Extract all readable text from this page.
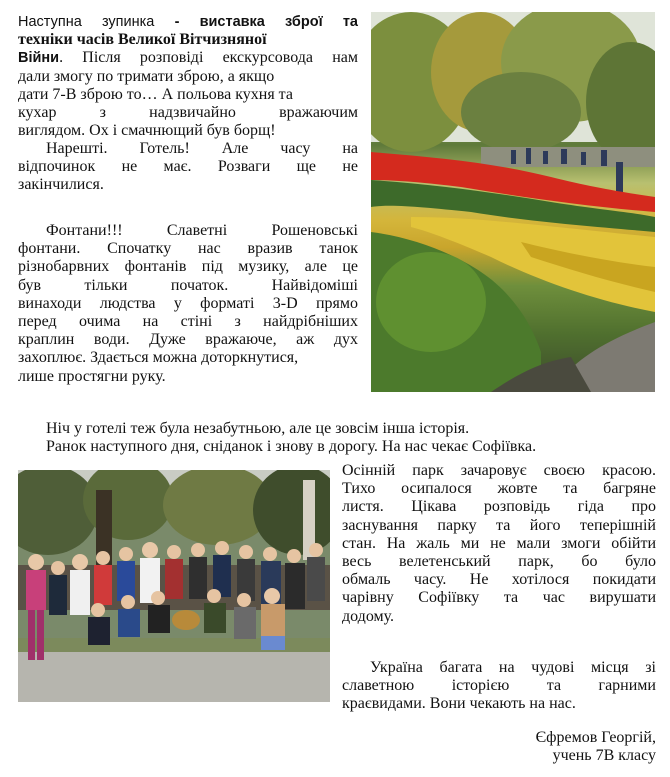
Наступна зупинка - виставка зброї та
техніки часів Великої Вітчизняної
Війни. Після розповіді екскурсовода нам
дали змогу по тримати зброю, а якщо
дати 7-В зброю то… А польова кухня та
кухар з надзвичайно вражаючим
виглядом. Ох і смачнющий був борщ!
Нарешті. Готель! Але часу на
відпочинок не має. Розваги ще не
закінчилися.
Фонтани!!! Славетні Рошеновські
фонтани. Спочатку нас вразив танок
різнобарвних фонтанів під музику, але це
був тільки початок. Найвідоміші
винаходи людства у форматі 3-D прямо
перед очима на стіні з найдрібніших
краплин води. Дуже вражаюче, аж дух
захоплює. Здається можна доторкнутися,
лише простягни руку.
Ніч у готелі теж була незабутньою, але це зовсім інша історія.
Ранок наступного дня, сніданок і знову в дорогу. На нас чекає Софіївка.
Осінній парк зачаровує своєю красою.
Тихо осипалося жовте та багряне
листя. Цікава розповідь гіда про
заснування парку та його теперішній
стан. На жаль ми не мали змоги обійти
весь велетенський парк, бо було
обмаль часу. Не хотілося покидати
чарівну Софіївку та час вирушати
додому.
Україна багата на чудові місця зі
славетною історією та гарними
краєвидами. Вони чекають на нас.
Єфремов Георгій,
учень 7В класу
